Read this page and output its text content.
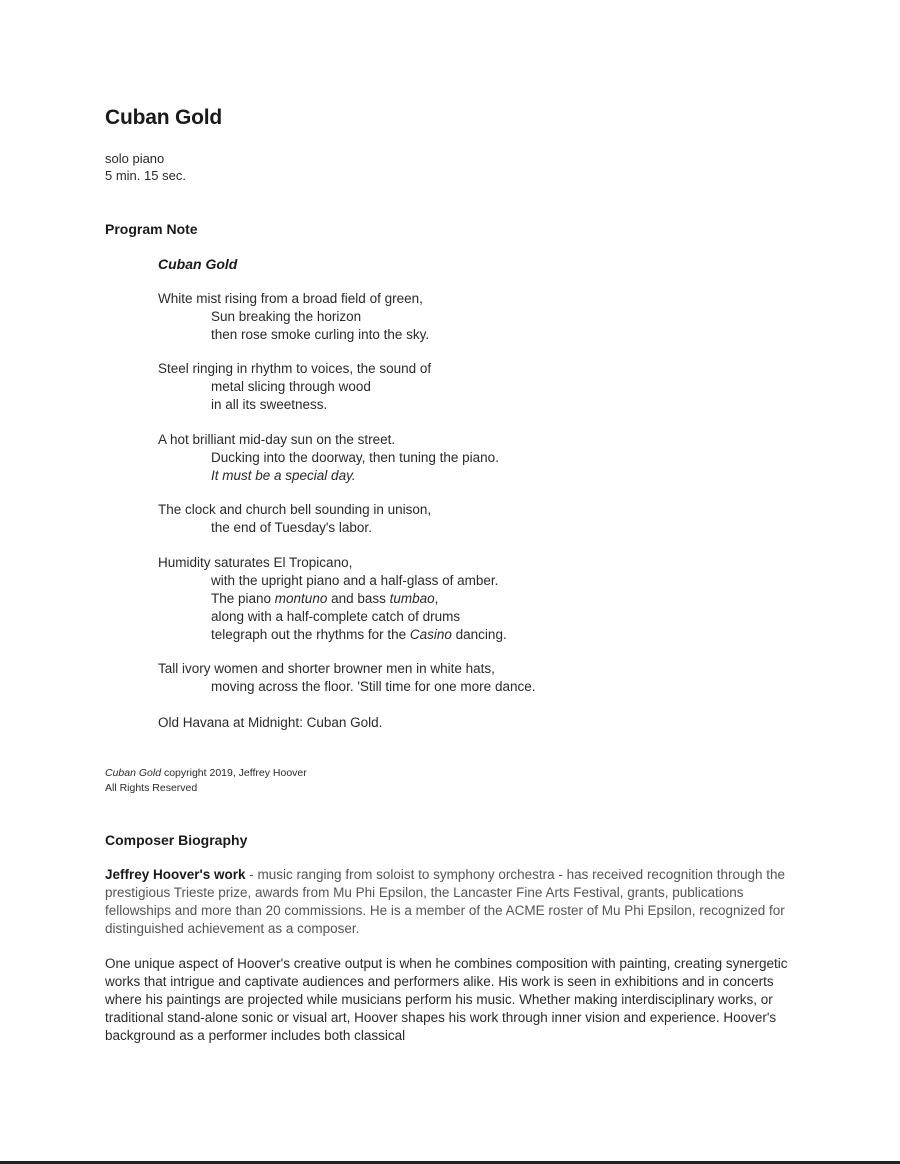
Cuban Gold
solo piano
5 min. 15 sec.
Program Note
Cuban Gold
White mist rising from a broad field of green,
Sun breaking the horizon
then rose smoke curling into the sky.
Steel ringing in rhythm to voices, the sound of
metal slicing through wood
in all its sweetness.
A hot brilliant mid-day sun on the street.
Ducking into the doorway, then tuning the piano.
It must be a special day.
The clock and church bell sounding in unison,
the end of Tuesday's labor.
Humidity saturates El Tropicano,
with the upright piano and a half-glass of amber.
The piano montuno and bass tumbao,
along with a half-complete catch of drums
telegraph out the rhythms for the Casino dancing.
Tall ivory women and shorter browner men in white hats,
moving across the floor. 'Still time for one more dance.
Old Havana at Midnight: Cuban Gold.
Cuban Gold copyright 2019, Jeffrey Hoover
All Rights Reserved
Composer Biography
Jeffrey Hoover's work - music ranging from soloist to symphony orchestra - has received recognition through the prestigious Trieste prize, awards from Mu Phi Epsilon, the Lancaster Fine Arts Festival, grants, publications fellowships and more than 20 commissions. He is a member of the ACME roster of Mu Phi Epsilon, recognized for distinguished achievement as a composer.
One unique aspect of Hoover's creative output is when he combines composition with painting, creating synergetic works that intrigue and captivate audiences and performers alike. His work is seen in exhibitions and in concerts where his paintings are projected while musicians perform his music. Whether making interdisciplinary works, or traditional stand-alone sonic or visual art, Hoover shapes his work through inner vision and experience. Hoover's background as a performer includes both classical
